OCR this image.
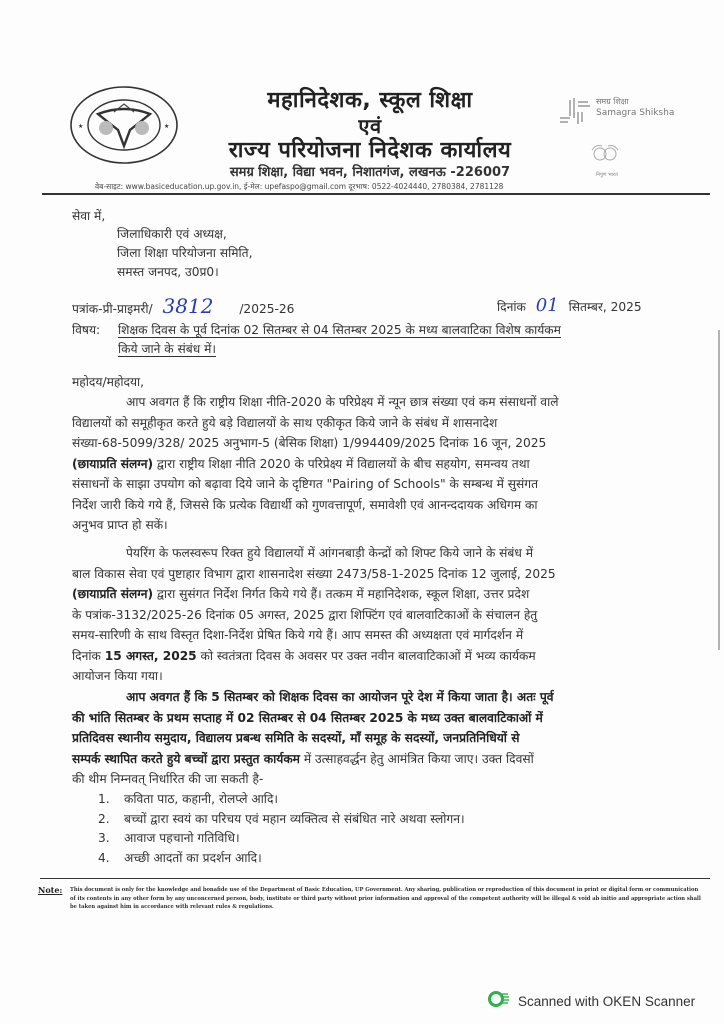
★	★
महानिदेशक, स्कूल शिक्षा
एवं
राज्य परियोजना निदेशक कार्यालय
समग्र शिक्षा, विद्या भवन, निशातगंज, लखनऊ -226007
वेब-साइट: www.basiceducation.up.gov.in, ई-मेल: upefaspo@gmail.com दूरभाष: 0522-4024440, 2780384, 2781128
समग्र शिक्षा
Samagra Shiksha
निपुण भारत
सेवा में,
जिलाधिकारी एवं अध्यक्ष,
जिला शिक्षा परियोजना समिति,
समस्त जनपद, उ0प्र0।
पत्रांक-प्री-प्राइमरी/ 3812 /2025-26	दिनांक 01 सितम्बर, 2025
विषय: शिक्षक दिवस के पूर्व दिनांक 02 सितम्बर से 04 सितम्बर 2025 के मध्य बालवाटिका विशेष कार्यकम
किये जाने के संबंध में।
महोदय/महोदया,
आप अवगत हैं कि राष्ट्रीय शिक्षा नीति-2020 के परिप्रेक्ष्य में न्यून छात्र संख्या एवं कम संसाधनों वाले
विद्यालयों को समूहीकृत करते हुये बड़े विद्यालयों के साथ एकीकृत किये जाने के संबंध में शासनादेश
संख्या-68-5099/328/ 2025 अनुभाग-5 (बेसिक शिक्षा) 1/994409/2025 दिनांक 16 जून, 2025
(छायाप्रति संलग्न) द्वारा राष्ट्रीय शिक्षा नीति 2020 के परिप्रेक्ष्य में विद्यालयों के बीच सहयोग, समन्वय तथा
संसाधनों के साझा उपयोग को बढ़ावा दिये जाने के दृष्टिगत "Pairing of Schools" के सम्बन्ध में सुसंगत
निर्देश जारी किये गये हैं, जिससे कि प्रत्येक विद्यार्थी को गुणवत्तापूर्ण, समावेशी एवं आनन्ददायक अधिगम का
अनुभव प्राप्त हो सकें।
पेयरिंग के फलस्वरूप रिक्त हुये विद्यालयों में आंगनबाड़ी केन्द्रों को शिफ्ट किये जाने के संबंध में
बाल विकास सेवा एवं पुष्टाहार विभाग द्वारा शासनादेश संख्या 2473/58-1-2025 दिनांक 12 जुलाई, 2025
(छायाप्रति संलग्न) द्वारा सुसंगत निर्देश निर्गत किये गये हैं। तत्कम में महानिदेशक, स्कूल शिक्षा, उत्तर प्रदेश
के पत्रांक-3132/2025-26 दिनांक 05 अगस्त, 2025 द्वारा शिफ्टिंग एवं बालवाटिकाओं के संचालन हेतु
समय-सारिणी के साथ विस्तृत दिशा-निर्देश प्रेषित किये गये हैं। आप समस्त की अध्यक्षता एवं मार्गदर्शन में
दिनांक 15 अगस्त, 2025 को स्वतंत्रता दिवस के अवसर पर उक्त नवीन बालवाटिकाओं में भव्य कार्यकम
आयोजन किया गया।
आप अवगत हैं कि 5 सितम्बर को शिक्षक दिवस का आयोजन पूरे देश में किया जाता है। अतः पूर्व
की भांति सितम्बर के प्रथम सप्ताह में 02 सितम्बर से 04 सितम्बर 2025 के मध्य उक्त बालवाटिकाओं में
प्रतिदिवस स्थानीय समुदाय, विद्यालय प्रबन्ध समिति के सदस्यों, माँ समूह के सदस्यों, जनप्रतिनिधियों से
सम्पर्क स्थापित करते हुये बच्चों द्वारा प्रस्तुत कार्यकम में उत्साहवर्द्धन हेतु आमंत्रित किया जाए। उक्त दिवसों
की थीम निम्नवत् निर्धारित की जा सकती है-
1. कविता पाठ, कहानी, रोलप्ले आदि।
2. बच्चों द्वारा स्वयं का परिचय एवं महान व्यक्तित्व से संबंधित नारे अथवा स्लोगन।
3. आवाज पहचानो गतिविधि।
4. अच्छी आदतों का प्रदर्शन आदि।
Note: This document is only for the knowledge and bonafide use of the Department of Basic Education, UP Government. Any sharing, publication or reproduction of this document in print or digital form or communication of its contents in any other form by any unconcerned person, body, institute or third party without prior information and approval of the competent authority will be illegal & void ab initio and appropriate action shall be taken against him in accordance with relevant rules & regulations.
Scanned with OKEN Scanner
